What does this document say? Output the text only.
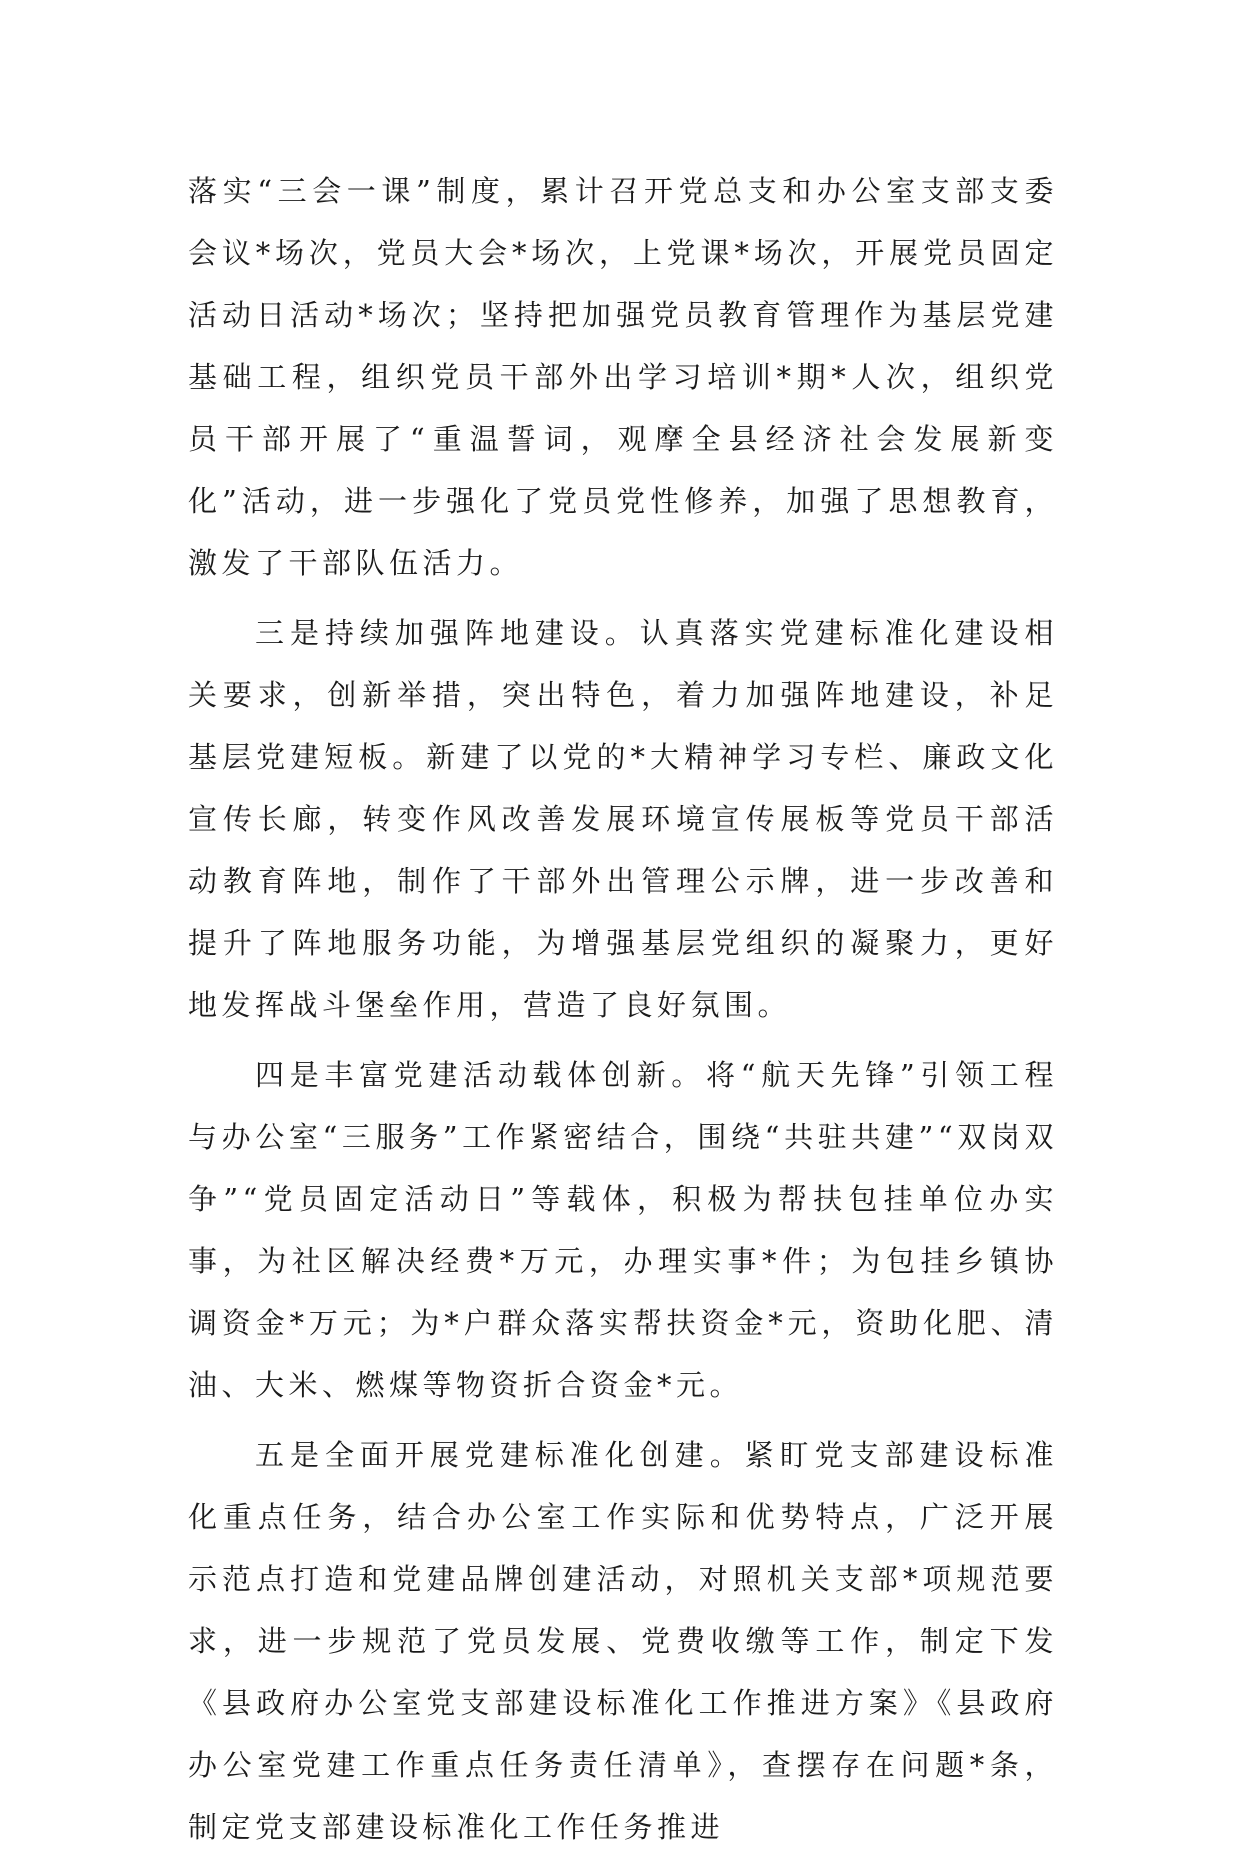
落实“三会一课”制度，累计召开党总支和办公室支部支委会议*场次，党员大会*场次，上党课*场次，开展党员固定活动日活动*场次；坚持把加强党员教育管理作为基层党建基础工程，组织党员干部外出学习培训*期*人次，组织党员干部开展了“重温誓词，观摩全县经济社会发展新变化”活动，进一步强化了党员党性修养，加强了思想教育，激发了干部队伍活力。

三是持续加强阵地建设。认真落实党建标准化建设相关要求，创新举措，突出特色，着力加强阵地建设，补足基层党建短板。新建了以党的*大精神学习专栏、廉政文化宣传长廊，转变作风改善发展环境宣传展板等党员干部活动教育阵地，制作了干部外出管理公示牌，进一步改善和提升了阵地服务功能，为增强基层党组织的凝聚力，更好地发挥战斗堡垒作用，营造了良好氛围。

四是丰富党建活动载体创新。将“航天先锋”引领工程与办公室“三服务”工作紧密结合，围绕“共驻共建”“双岗双争”“党员固定活动日”等载体，积极为帮扶包挂单位办实事，为社区解决经费*万元，办理实事*件；为包挂乡镇协调资金*万元；为*户群众落实帮扶资金*元，资助化肥、清油、大米、燃煤等物资折合资金*元。

五是全面开展党建标准化创建。紧盯党支部建设标准化重点任务，结合办公室工作实际和优势特点，广泛开展示范点打造和党建品牌创建活动，对照机关支部*项规范要求，进一步规范了党员发展、党费收缴等工作，制定下发《县政府办公室党支部建设标准化工作推进方案》《县政府办公室党建工作重点任务责任清单》，查摆存在问题*条，制定党支部建设标准化工作任务推进
